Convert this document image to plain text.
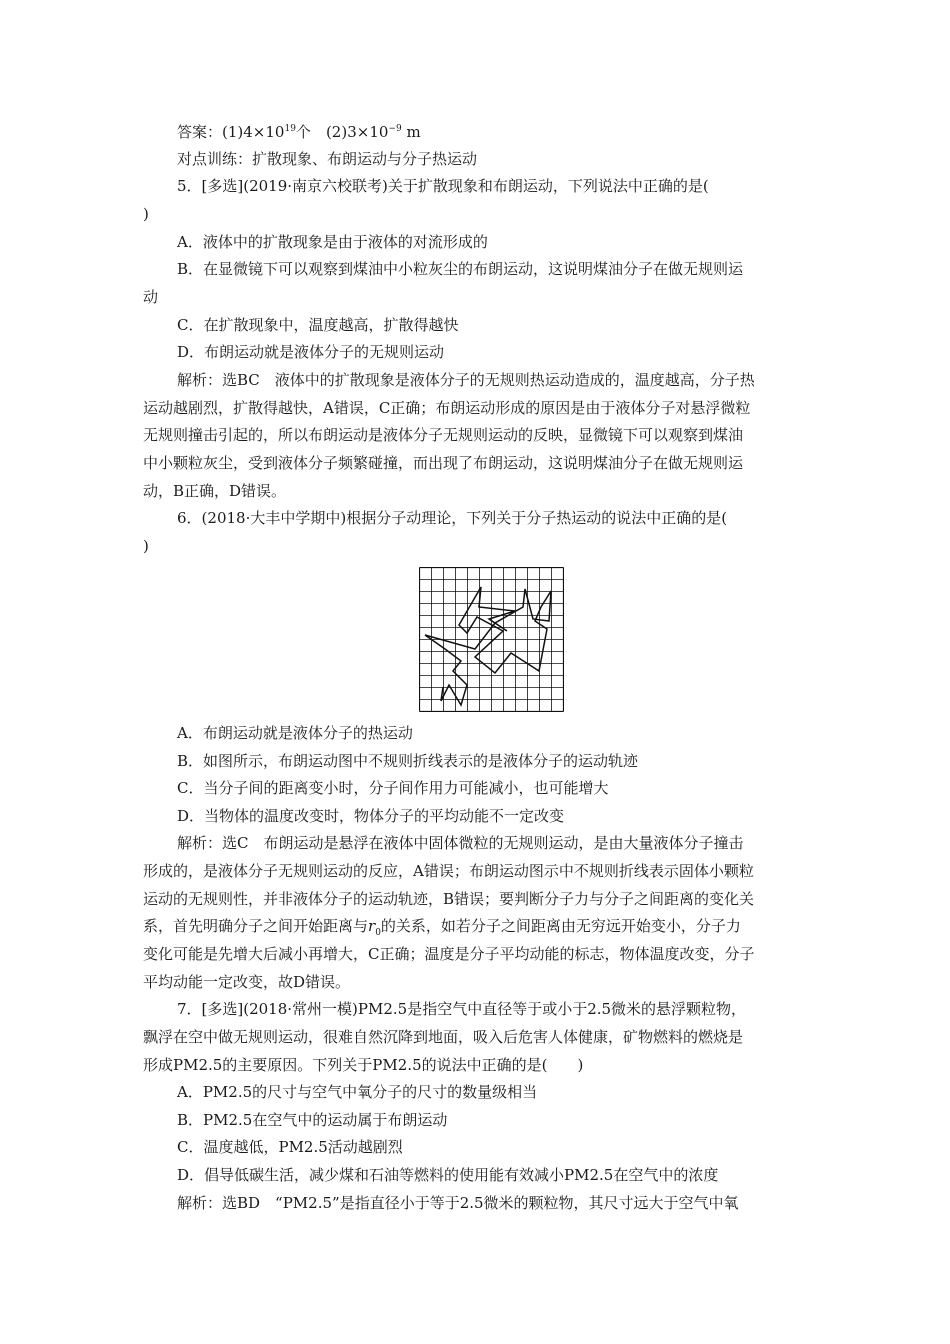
答案：$(1)4\times 10^{19}$个　 $(2)3\times 10^{-9}$ m
对点训练：扩散现象、布朗运动与分子热运动
5．[多选](2019·南京六校联考)关于扩散现象和布朗运动，下列说法中正确的是(
)
A．液体中的扩散现象是由于液体的对流形成的
B．在显微镜下可以观察到煤油中小粒灰尘的布朗运动，这说明煤油分子在做无规则运
动
C．在扩散现象中，温度越高，扩散得越快
D．布朗运动就是液体分子的无规则运动
解析：选BC　液体中的扩散现象是液体分子的无规则热运动造成的，温度越高，分子热
运动越剧烈，扩散得越快，A错误，C正确；布朗运动形成的原因是由于液体分子对悬浮微粒
无规则撞击引起的，所以布朗运动是液体分子无规则运动的反映，显微镜下可以观察到煤油
中小颗粒灰尘，受到液体分子频繁碰撞，而出现了布朗运动，这说明煤油分子在做无规则运
动，B正确，D错误。
6．(2018·大丰中学期中)根据分子动理论，下列关于分子热运动的说法中正确的是(
)
A．布朗运动就是液体分子的热运动
B．如图所示，布朗运动图中不规则折线表示的是液体分子的运动轨迹
C．当分子间的距离变小时，分子间作用力可能减小，也可能增大
D．当物体的温度改变时，物体分子的平均动能不一定改变
解析：选C　布朗运动是悬浮在液体中固体微粒的无规则运动，是由大量液体分子撞击
形成的，是液体分子无规则运动的反应，A错误；布朗运动图示中不规则折线表示固体小颗粒
运动的无规则性，并非液体分子的运动轨迹，B错误；要判断分子力与分子之间距离的变化关
系，首先明确分子之间开始距离与$r_0$的关系，如若分子之间距离由无穷远开始变小，分子力
变化可能是先增大后减小再增大，C正确；温度是分子平均动能的标志，物体温度改变，分子
平均动能一定改变，故D错误。
7．[多选](2018·常州一模)PM2.5是指空气中直径等于或小于2.5微米的悬浮颗粒物，
飘浮在空中做无规则运动，很难自然沉降到地面，吸入后危害人体健康，矿物燃料的燃烧是
形成PM2.5的主要原因。下列关于PM2.5的说法中正确的是(　　)
A．PM2.5的尺寸与空气中氧分子的尺寸的数量级相当
B．PM2.5在空气中的运动属于布朗运动
C．温度越低，PM2.5活动越剧烈
D．倡导低碳生活，减少煤和石油等燃料的使用能有效减小PM2.5在空气中的浓度
解析：选BD　“PM2.5”是指直径小于等于2.5微米的颗粒物，其尺寸远大于空气中氧
